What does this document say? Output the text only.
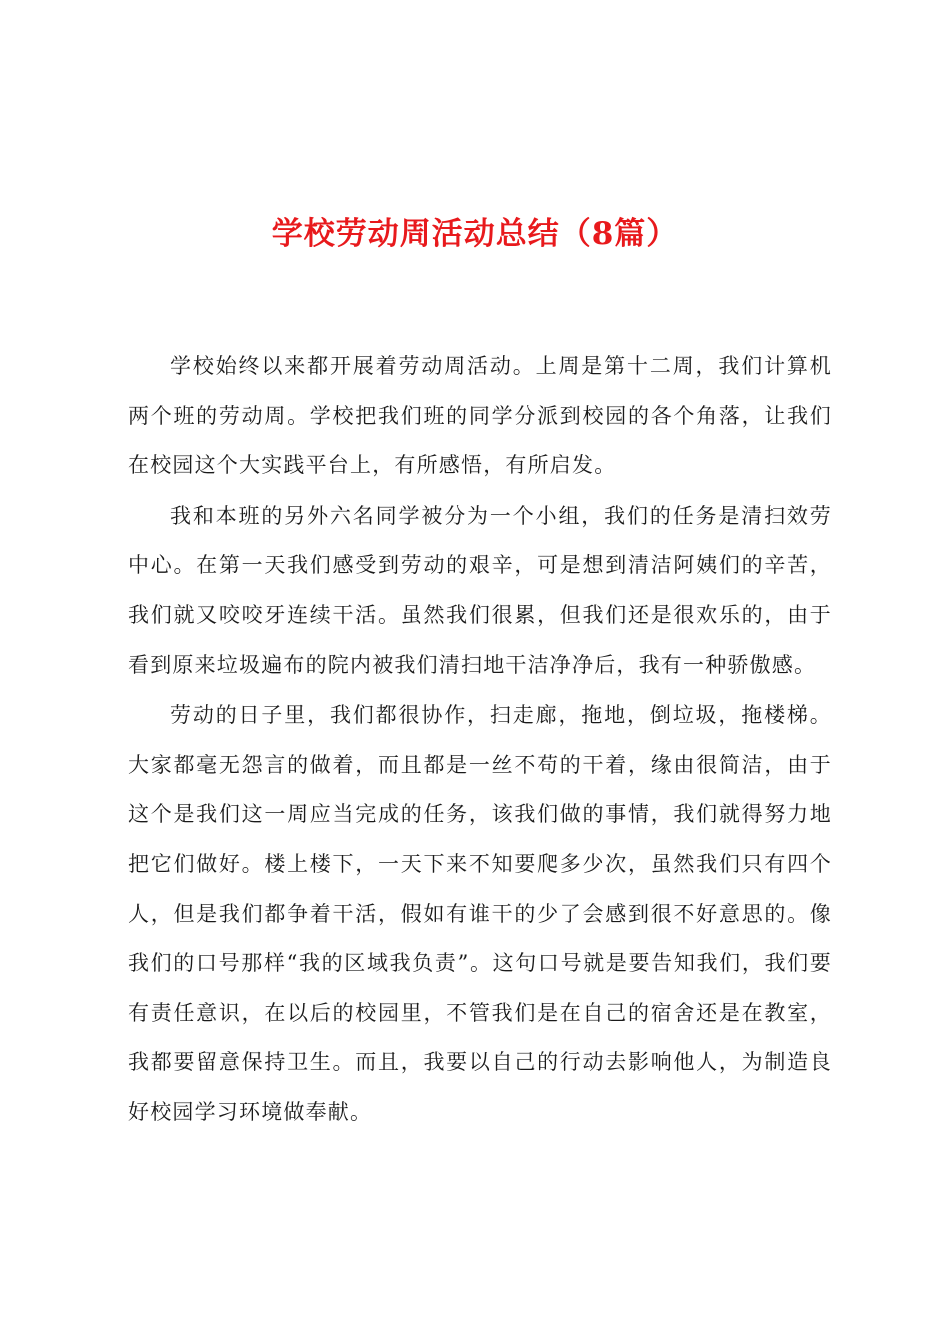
学校劳动周活动总结（8篇）

学校始终以来都开展着劳动周活动。上周是第十二周，我们计算机两个班的劳动周。学校把我们班的同学分派到校园的各个角落，让我们在校园这个大实践平台上，有所感悟，有所启发。

我和本班的另外六名同学被分为一个小组，我们的任务是清扫效劳中心。在第一天我们感受到劳动的艰辛，可是想到清洁阿姨们的辛苦，我们就又咬咬牙连续干活。虽然我们很累，但我们还是很欢乐的，由于看到原来垃圾遍布的院内被我们清扫地干洁净净后，我有一种骄傲感。

劳动的日子里，我们都很协作，扫走廊，拖地，倒垃圾，拖楼梯。大家都毫无怨言的做着，而且都是一丝不苟的干着，缘由很简洁，由于这个是我们这一周应当完成的任务，该我们做的事情，我们就得努力地把它们做好。楼上楼下，一天下来不知要爬多少次，虽然我们只有四个人，但是我们都争着干活，假如有谁干的少了会感到很不好意思的。像我们的口号那样“我的区域我负责”。这句口号就是要告知我们，我们要有责任意识，在以后的校园里，不管我们是在自己的宿舍还是在教室，我都要留意保持卫生。而且，我要以自己的行动去影响他人，为制造良好校园学习环境做奉献。
